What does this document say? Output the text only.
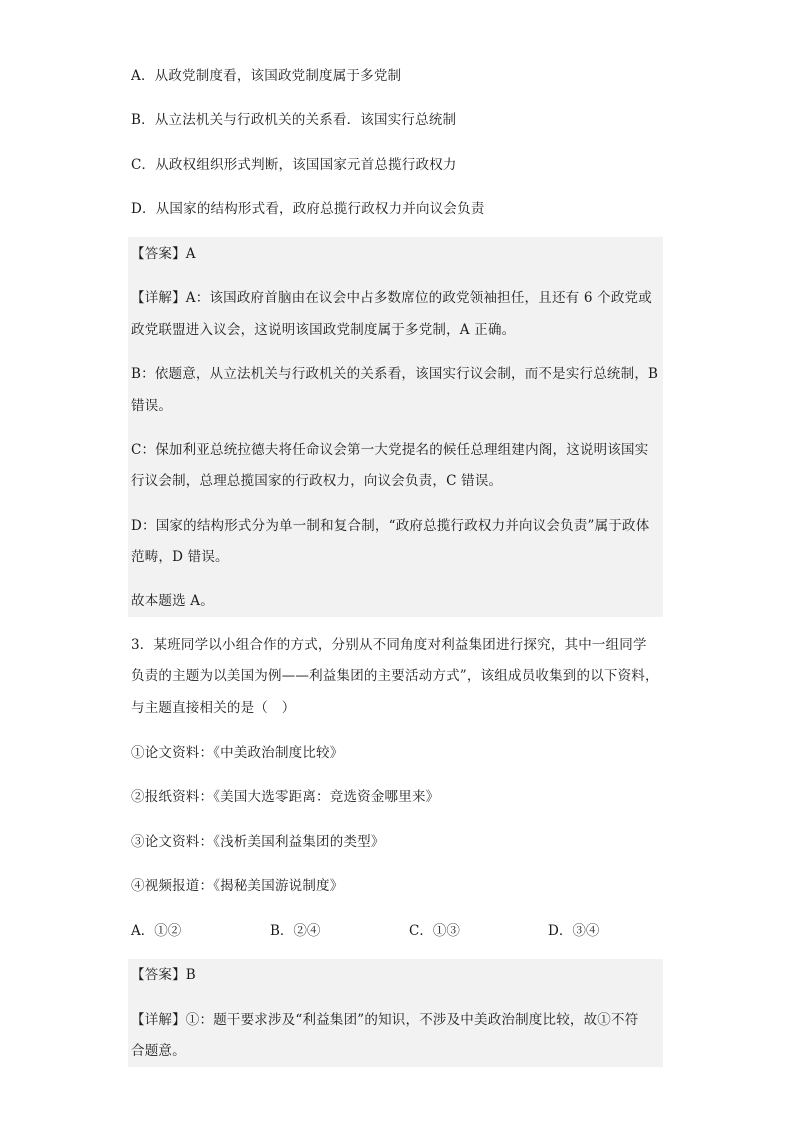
A．从政党制度看，该国政党制度属于多党制
B．从立法机关与行政机关的关系看．该国实行总统制
C．从政权组织形式判断，该国国家元首总揽行政权力
D．从国家的结构形式看，政府总揽行政权力并向议会负责
【答案】A
【详解】A：该国政府首脑由在议会中占多数席位的政党领袖担任，且还有 6 个政党或
政党联盟进入议会，这说明该国政党制度属于多党制，A 正确。
B：依题意，从立法机关与行政机关的关系看，该国实行议会制，而不是实行总统制，B
错误。
C：保加利亚总统拉德夫将任命议会第一大党提名的候任总理组建内阁，这说明该国实
行议会制，总理总揽国家的行政权力，向议会负责，C 错误。
D：国家的结构形式分为单一制和复合制，“政府总揽行政权力并向议会负责”属于政体
范畴，D 错误。
故本题选 A。
3．某班同学以小组合作的方式，分别从不同角度对利益集团进行探究，其中一组同学
负责的主题为以美国为例——利益集团的主要活动方式”，该组成员收集到的以下资料，
与主题直接相关的是（　）
①论文资料：《中美政治制度比较》
②报纸资料：《美国大选零距离：竞选资金哪里来》
③论文资料：《浅析美国利益集团的类型》
④视频报道：《揭秘美国游说制度》
A．①②	B．②④	C．①③	D．③④
【答案】B
【详解】①：题干要求涉及“利益集团”的知识，不涉及中美政治制度比较，故①不符
合题意。
